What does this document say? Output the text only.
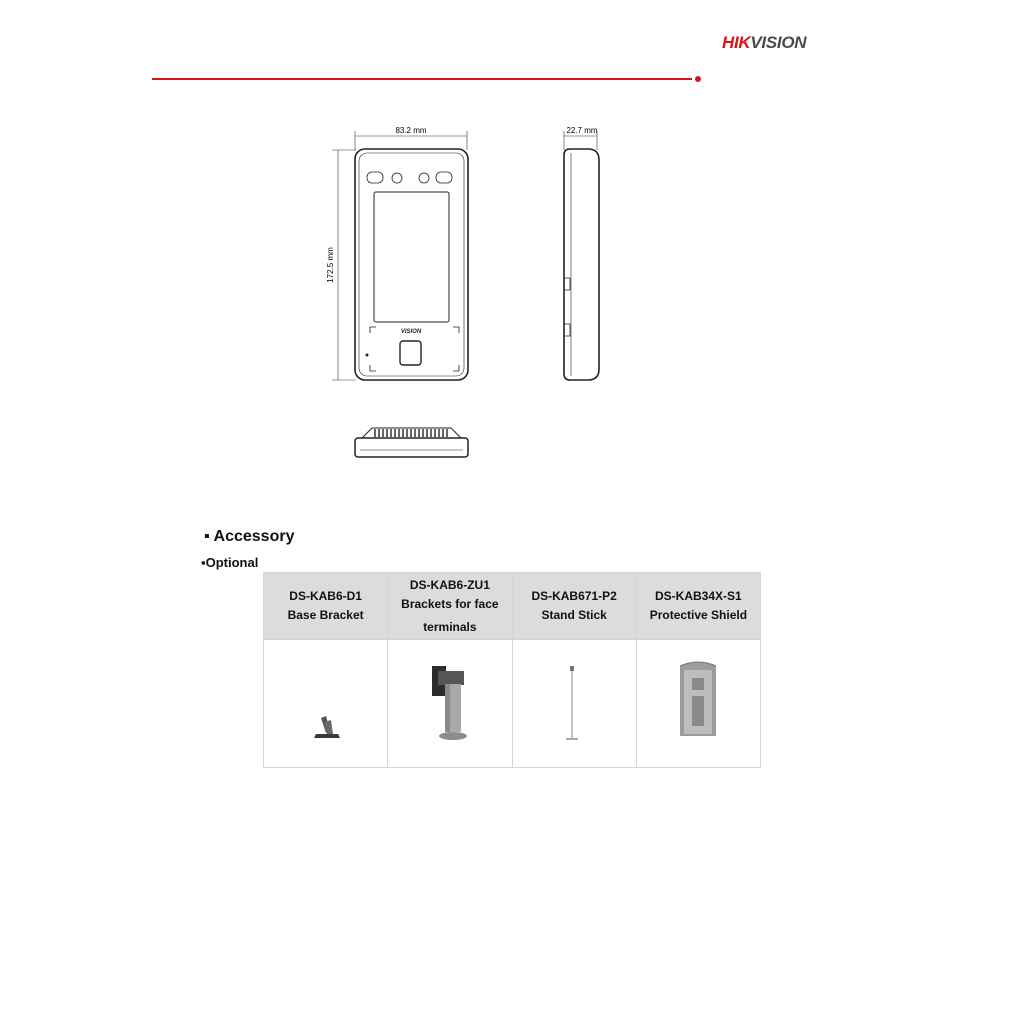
HIKVISION
83.2 mm
172.5 mm
VISION
22.7 mm
▪ Accessory
▪Optional
DS-KAB6-D1
Base Bracket	DS-KAB6-ZU1
Brackets for face
terminals	DS-KAB671-P2
Stand Stick	DS-KAB34X-S1
Protective Shield
